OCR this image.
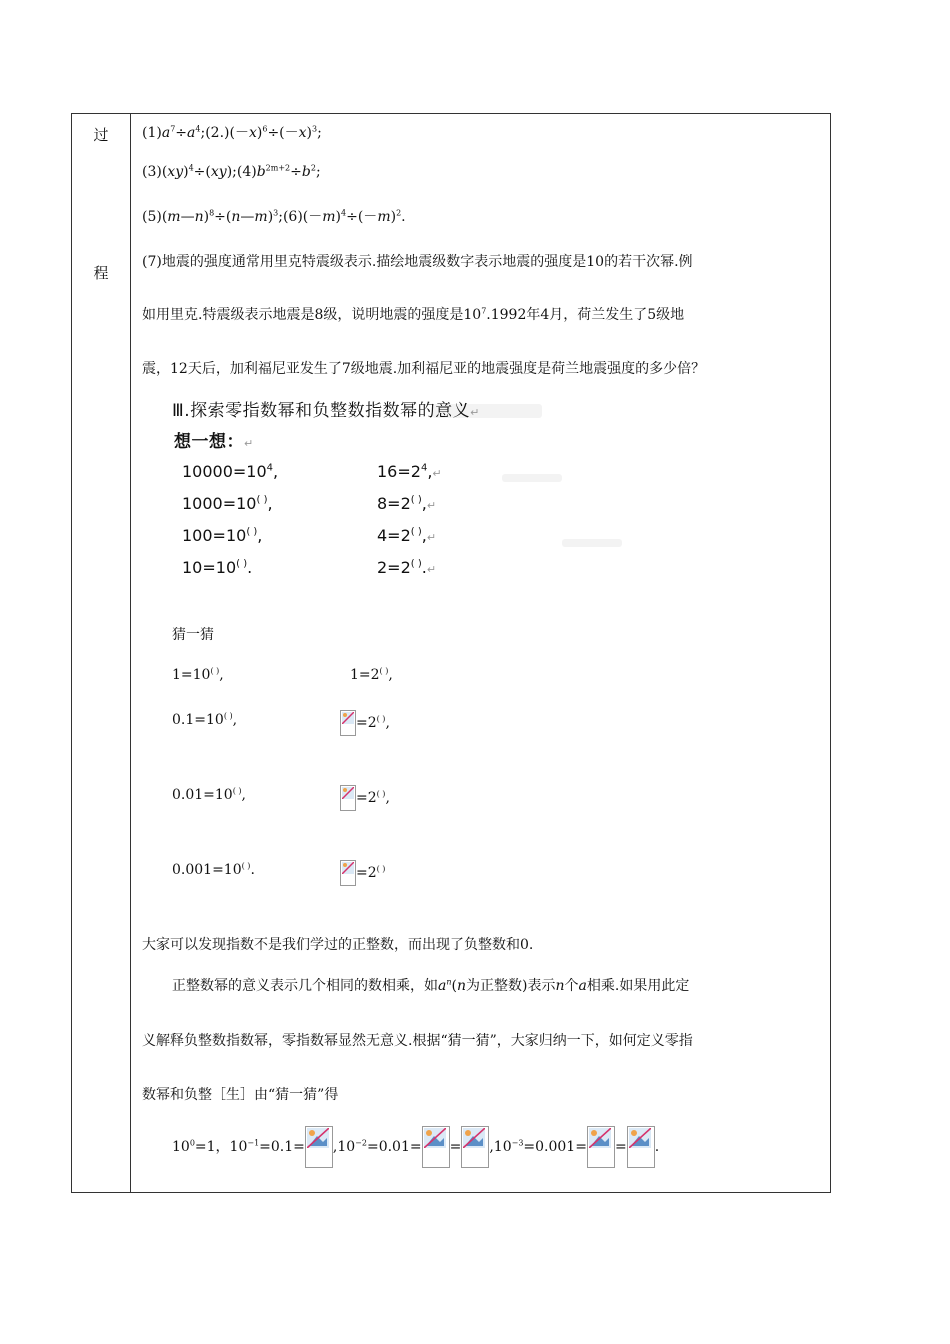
过
程
$(1)a^7\div a^4;(2.)(-x)^6\div(-x)^3$;
$(3)(xy)^4\div(xy);(4)b^{2m+2}\div b^2$;
$(5)(m—n)^8\div(n—m)^3;(6)(-m)^4\div(-m)^2$.
(7)地震的强度通常用里克特震级表示.描绘地震级数字表示地震的强度是10的若干次幂.例
如用里克.特震级表示地震是8级，说明地震的强度是$10^7.1992$年4月，荷兰发生了5级地
震，12天后，加利福尼亚发生了7级地震.加利福尼亚的地震强度是荷兰地震强度的多少倍？
Ⅲ.探索零指数幂和负整数指数幂的意义↵
想一想：↵
$10000=10^4$,	$16=2^4,↵$
1000=10( ),	8=2( ),↵
100=10( ),	4=2( ),↵
10=10( ).	2=2( ).↵
猜一猜
1=10( ),	1=2( ),
0.1=10( ),	=2( ),
0.01=10( ),	=2( ),
0.001=10( ).	=2( )
大家可以发现指数不是我们学过的正整数，而出现了负整数和0.
正整数幂的意义表示几个相同的数相乘，如$a^n(n$为正整数)表示n个a相乘.如果用此定
义解释负整数指数幂，零指数幂显然无意义.根据“猜一猜”，大家归纳一下，如何定义零指
数幂和负整［生］由“猜一猜”得
$10^0=1$，$10^{-1}=0.1= ,10^{-2}=0.01= = ,10^{-3}=0.001=$ = .
